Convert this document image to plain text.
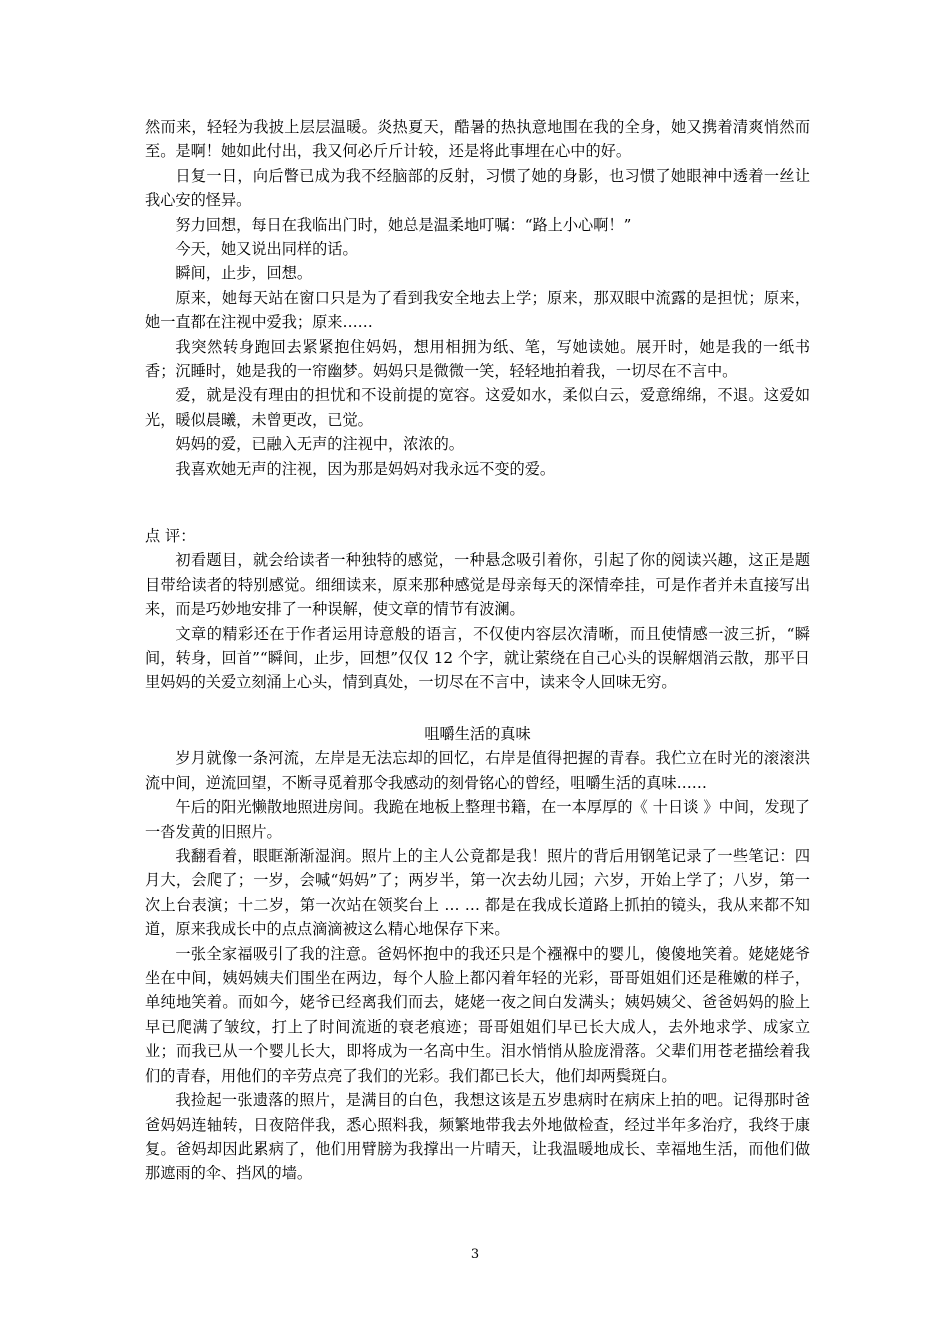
然而来，轻轻为我披上层层温暖。炎热夏天，酷暑的热执意地围在我的全身，她又携着清爽悄然而至。是啊！她如此付出，我又何必斤斤计较，还是将此事埋在心中的好。

日复一日，向后瞥已成为我不经脑部的反射，习惯了她的身影，也习惯了她眼神中透着一丝让我心安的怪异。

努力回想，每日在我临出门时，她总是温柔地叮嘱：“路上小心啊！”

今天，她又说出同样的话。

瞬间，止步，回想。

原来，她每天站在窗口只是为了看到我安全地去上学；原来，那双眼中流露的是担忧；原来，她一直都在注视中爱我；原来……

我突然转身跑回去紧紧抱住妈妈，想用相拥为纸、笔，写她读她。展开时，她是我的一纸书香；沉睡时，她是我的一帘幽梦。妈妈只是微微一笑，轻轻地拍着我，一切尽在不言中。

爱，就是没有理由的担忧和不设前提的宽容。这爱如水，柔似白云，爱意绵绵，不退。这爱如光，暖似晨曦，未曾更改，已觉。

妈妈的爱，已融入无声的注视中，浓浓的。

我喜欢她无声的注视，因为那是妈妈对我永远不变的爱。

点 评：

初看题目，就会给读者一种独特的感觉，一种悬念吸引着你，引起了你的阅读兴趣，这正是题目带给读者的特别感觉。细细读来，原来那种感觉是母亲每天的深情牵挂，可是作者并未直接写出来，而是巧妙地安排了一种误解，使文章的情节有波澜。

文章的精彩还在于作者运用诗意般的语言，不仅使内容层次清晰，而且使情感一波三折，“瞬间，转身，回首”“瞬间，止步，回想”仅仅 12 个字，就让萦绕在自己心头的误解烟消云散，那平日里妈妈的关爱立刻涌上心头，情到真处，一切尽在不言中，读来令人回味无穷。

咀嚼生活的真味

岁月就像一条河流，左岸是无法忘却的回忆，右岸是值得把握的青春。我伫立在时光的滚滚洪流中间，逆流回望，不断寻觅着那令我感动的刻骨铭心的曾经，咀嚼生活的真味……

午后的阳光懒散地照进房间。我跪在地板上整理书籍，在一本厚厚的《 十日谈 》中间，发现了一沓发黄的旧照片。

我翻看着，眼眶渐渐湿润。照片上的主人公竟都是我！照片的背后用钢笔记录了一些笔记：四月大，会爬了；一岁，会喊“妈妈”了；两岁半，第一次去幼儿园；六岁，开始上学了；八岁，第一次上台表演；十二岁，第一次站在领奖台上 … … 都是在我成长道路上抓拍的镜头，我从来都不知道，原来我成长中的点点滴滴被这么精心地保存下来。

一张全家福吸引了我的注意。爸妈怀抱中的我还只是个襁褓中的婴儿，傻傻地笑着。姥姥姥爷坐在中间，姨妈姨夫们围坐在两边，每个人脸上都闪着年轻的光彩，哥哥姐姐们还是稚嫩的样子，单纯地笑着。而如今，姥爷已经离我们而去，姥姥一夜之间白发满头；姨妈姨父、爸爸妈妈的脸上早已爬满了皱纹，打上了时间流逝的衰老痕迹；哥哥姐姐们早已长大成人，去外地求学、成家立业；而我已从一个婴儿长大，即将成为一名高中生。泪水悄悄从脸庞滑落。父辈们用苍老描绘着我们的青春，用他们的辛劳点亮了我们的光彩。我们都已长大，他们却两鬓斑白。

我捡起一张遗落的照片，是满目的白色，我想这该是五岁患病时在病床上拍的吧。记得那时爸爸妈妈连轴转，日夜陪伴我，悉心照料我，频繁地带我去外地做检查，经过半年多治疗，我终于康复。爸妈却因此累病了，他们用臂膀为我撑出一片晴天，让我温暖地成长、幸福地生活，而他们做那遮雨的伞、挡风的墙。

3
